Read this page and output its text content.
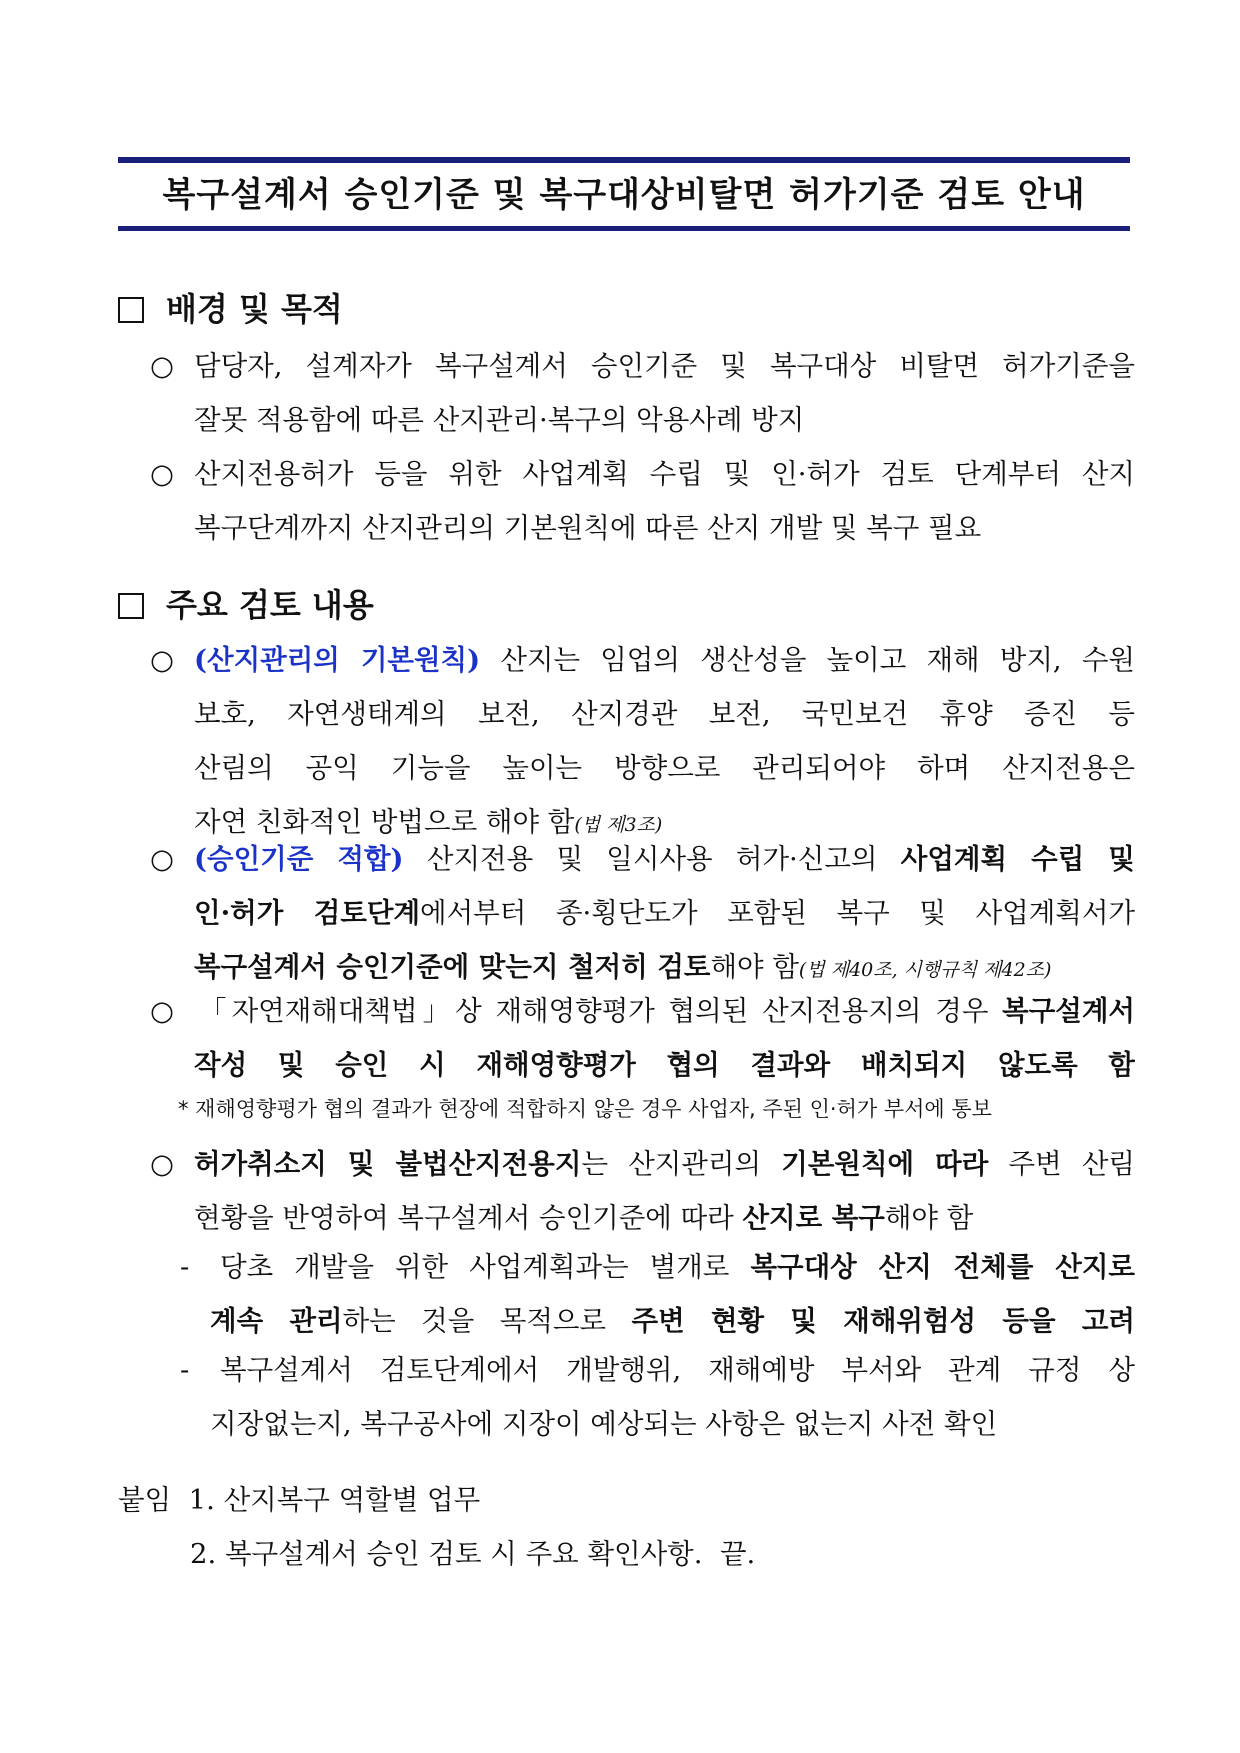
복구설계서 승인기준 및 복구대상비탈면 허가기준 검토 안내
배경 및 목적
○ 담당자, 설계자가 복구설계서 승인기준 및 복구대상 비탈면 허가기준을
잘못 적용함에 따른 산지관리·복구의 악용사례 방지
○ 산지전용허가 등을 위한 사업계획 수립 및 인·허가 검토 단계부터 산지
복구단계까지 산지관리의 기본원칙에 따른 산지 개발 및 복구 필요
주요 검토 내용
○ (산지관리의 기본원칙) 산지는 임업의 생산성을 높이고 재해 방지, 수원
보호, 자연생태계의 보전, 산지경관 보전, 국민보건 휴양 증진 등
산림의 공익 기능을 높이는 방향으로 관리되어야 하며 산지전용은
자연 친화적인 방법으로 해야 함(법 제3조)
○ (승인기준 적합) 산지전용 및 일시사용 허가·신고의 사업계획 수립 및
인·허가 검토단계에서부터 종·횡단도가 포함된 복구 및 사업계획서가
복구설계서 승인기준에 맞는지 철저히 검토해야 함(법 제40조, 시행규칙 제42조)
○ 「자연재해대책법」상 재해영향평가 협의된 산지전용지의 경우 복구설계서
작성 및 승인 시 재해영향평가 협의 결과와 배치되지 않도록 함
* 재해영향평가 협의 결과가 현장에 적합하지 않은 경우 사업자, 주된 인·허가 부서에 통보
○ 허가취소지 및 불법산지전용지는 산지관리의 기본원칙에 따라 주변 산림
현황을 반영하여 복구설계서 승인기준에 따라 산지로 복구해야 함
- 당초 개발을 위한 사업계획과는 별개로 복구대상 산지 전체를 산지로
계속 관리하는 것을 목적으로 주변 현황 및 재해위험성 등을 고려
- 복구설계서 검토단계에서 개발행위, 재해예방 부서와 관계 규정 상
지장없는지, 복구공사에 지장이 예상되는 사항은 없는지 사전 확인
붙임 1. 산지복구 역할별 업무
2. 복구설계서 승인 검토 시 주요 확인사항. 끝.
